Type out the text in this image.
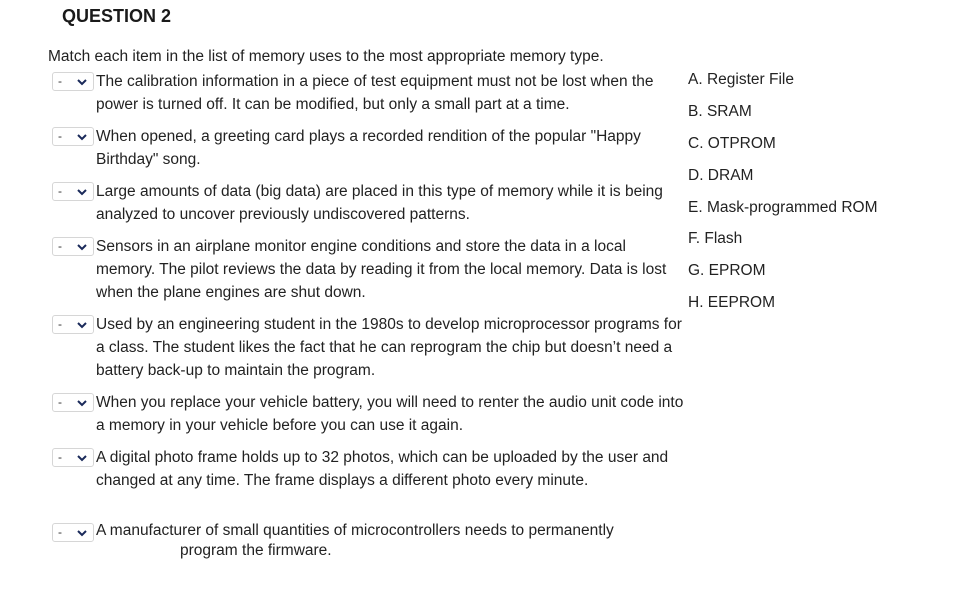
QUESTION 2
Match each item in the list of memory uses to the most appropriate memory type.
- The calibration information in a piece of test equipment must not be lost when the power is turned off. It can be modified, but only a small part at a time.
- When opened, a greeting card plays a recorded rendition of the popular "Happy Birthday" song.
- Large amounts of data (big data) are placed in this type of memory while it is being analyzed to uncover previously undiscovered patterns.
- Sensors in an airplane monitor engine conditions and store the data in a local memory. The pilot reviews the data by reading it from the local memory. Data is lost when the plane engines are shut down.
- Used by an engineering student in the 1980s to develop microprocessor programs for a class. The student likes the fact that he can reprogram the chip but doesn’t need a battery back-up to maintain the program.
- When you replace your vehicle battery, you will need to renter the audio unit code into a memory in your vehicle before you can use it again.
- A digital photo frame holds up to 32 photos, which can be uploaded by the user and changed at any time. The frame displays a different photo every minute.
- A manufacturer of small quantities of microcontrollers needs to permanently
program the firmware.
A. Register File
B. SRAM
C. OTPROM
D. DRAM
E. Mask-programmed ROM
F. Flash
G. EPROM
H. EEPROM
